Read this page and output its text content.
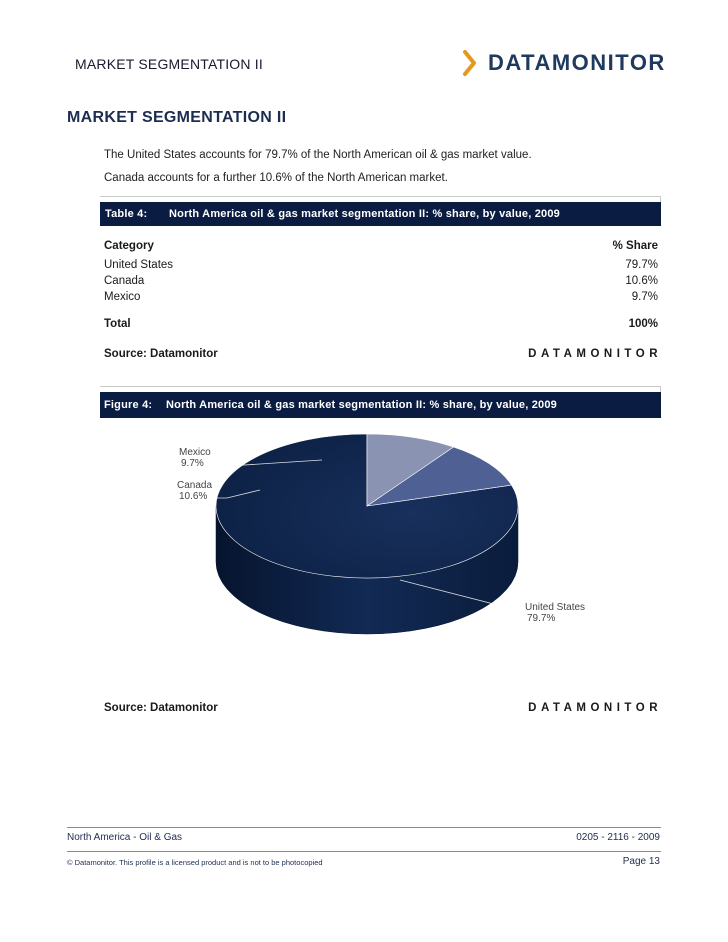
MARKET SEGMENTATION II	DATAMONITOR
MARKET SEGMENTATION II
The United States accounts for 79.7% of the North American oil & gas market value.
Canada accounts for a further 10.6% of the North American market.
Table 4:	North America oil & gas market segmentation II: % share, by value, 2009
Category	% Share
United States	79.7%
Canada	10.6%
Mexico	9.7%
Total	100%
Source: Datamonitor	DATAMONITOR
Figure 4:	North America oil & gas market segmentation II: % share, by value, 2009
United States
79.7%
Canada
10.6%
Mexico
9.7%
Source: Datamonitor	DATAMONITOR
North America - Oil & Gas	0205 - 2116 - 2009
© Datamonitor. This profile is a licensed product and is not to be photocopied	Page 13
